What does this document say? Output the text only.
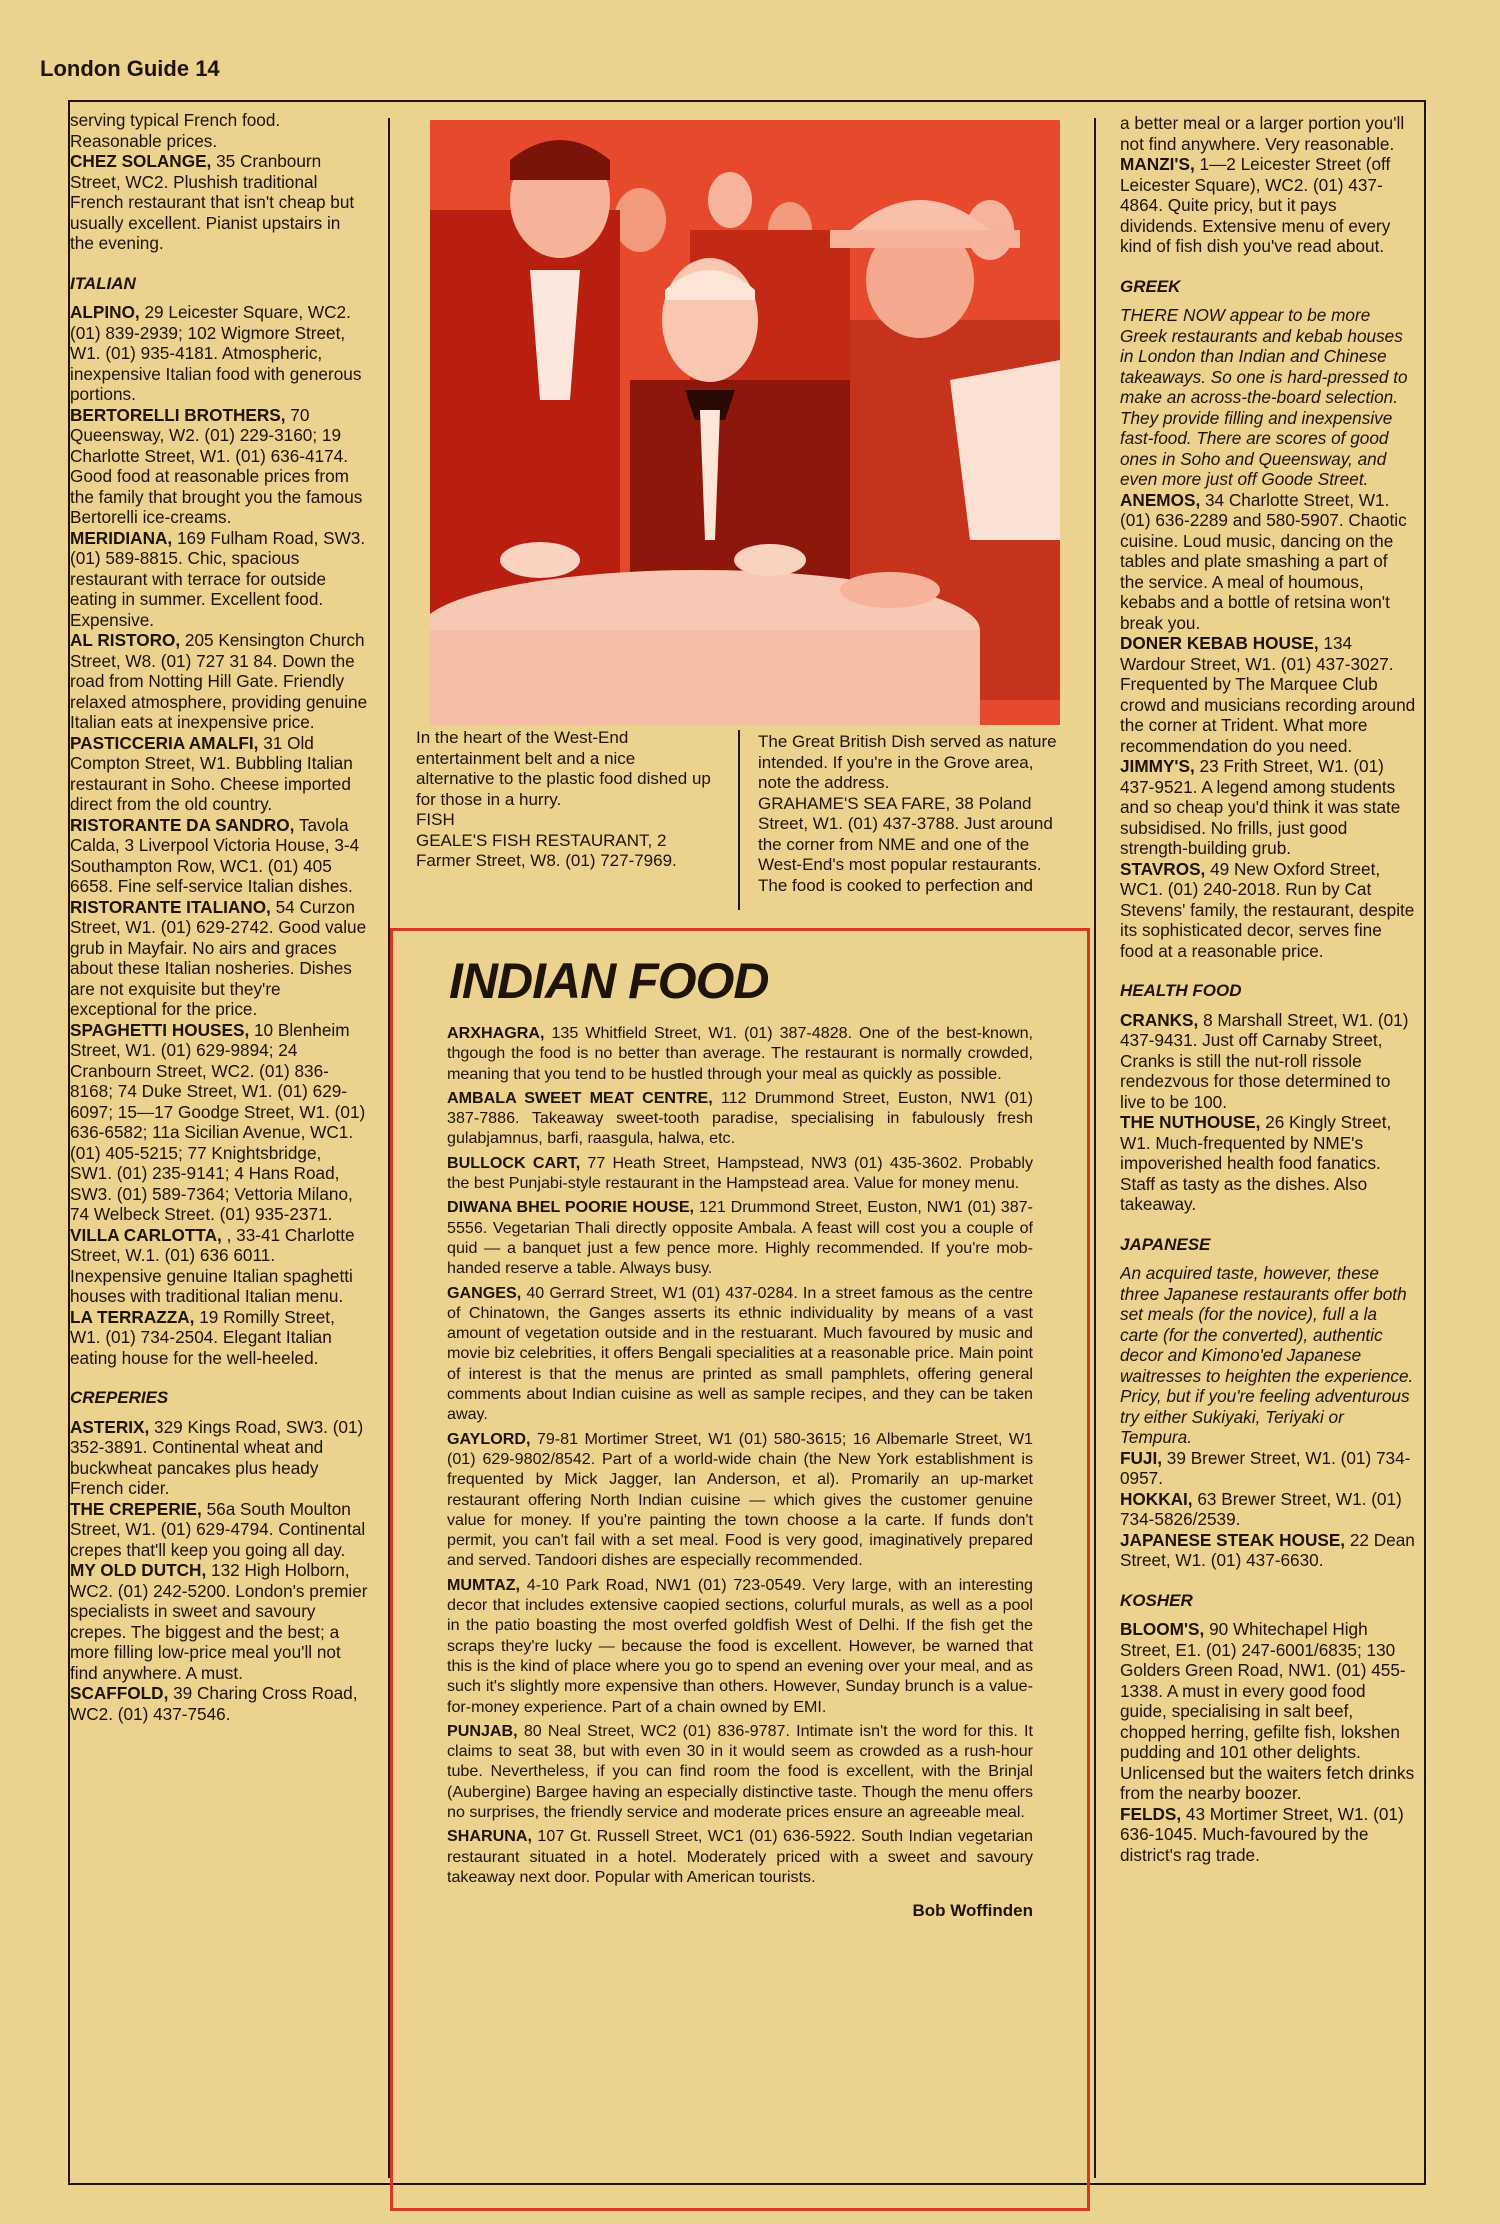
London Guide 14

serving typical French food. Reasonable prices.

CHEZ SOLANGE, 35 Cranbourn Street, WC2. Plushish traditional French restaurant that isn't cheap but usually excellent. Pianist upstairs in the evening.

ITALIAN

ALPINO, 29 Leicester Square, WC2. (01) 839-2939; 102 Wigmore Street, W1. (01) 935-4181. Atmospheric, inexpensive Italian food with generous portions.

BERTORELLI BROTHERS, 70 Queensway, W2. (01) 229-3160; 19 Charlotte Street, W1. (01) 636-4174. Good food at reasonable prices from the family that brought you the famous Bertorelli ice-creams.

MERIDIANA, 169 Fulham Road, SW3. (01) 589-8815. Chic, spacious restaurant with terrace for outside eating in summer. Excellent food. Expensive.

AL RISTORO, 205 Kensington Church Street, W8. (01) 727 31 84. Down the road from Notting Hill Gate. Friendly relaxed atmosphere, providing genuine Italian eats at inexpensive price.

PASTICCERIA AMALFI, 31 Old Compton Street, W1. Bubbling Italian restaurant in Soho. Cheese imported direct from the old country.

RISTORANTE DA SANDRO, Tavola Calda, 3 Liverpool Victoria House, 3-4 Southampton Row, WC1. (01) 405 6658. Fine self-service Italian dishes.

RISTORANTE ITALIANO, 54 Curzon Street, W1. (01) 629-2742. Good value grub in Mayfair. No airs and graces about these Italian nosheries. Dishes are not exquisite but they're exceptional for the price.

SPAGHETTI HOUSES, 10 Blenheim Street, W1. (01) 629-9894; 24 Cranbourn Street, WC2. (01) 836-8168; 74 Duke Street, W1. (01) 629-6097; 15—17 Goodge Street, W1. (01) 636-6582; 11a Sicilian Avenue, WC1. (01) 405-5215; 77 Knightsbridge, SW1. (01) 235-9141; 4 Hans Road, SW3. (01) 589-7364; Vettoria Milano, 74 Welbeck Street. (01) 935-2371.

VILLA CARLOTTA, , 33-41 Charlotte Street, W.1. (01) 636 6011. Inexpensive genuine Italian spaghetti houses with traditional Italian menu.

LA TERRAZZA, 19 Romilly Street, W1. (01) 734-2504. Elegant Italian eating house for the well-heeled.

CREPERIES

ASTERIX, 329 Kings Road, SW3. (01) 352-3891. Continental wheat and buckwheat pancakes plus heady French cider.

THE CREPERIE, 56a South Moulton Street, W1. (01) 629-4794. Continental crepes that'll keep you going all day.

MY OLD DUTCH, 132 High Holborn, WC2. (01) 242-5200. London's premier specialists in sweet and savoury crepes. The biggest and the best; a more filling low-price meal you'll not find anywhere. A must.

SCAFFOLD, 39 Charing Cross Road, WC2. (01) 437-7546.

In the heart of the West-End entertainment belt and a nice alternative to the plastic food dished up for those in a hurry.

FISH

GEALE'S FISH RESTAURANT, 2 Farmer Street, W8. (01) 727-7969.

The Great British Dish served as nature intended. If you're in the Grove area, note the address.

GRAHAME'S SEA FARE, 38 Poland Street, W1. (01) 437-3788. Just around the corner from NME and one of the West-End's most popular restaurants. The food is cooked to perfection and

INDIAN FOOD

ARXHAGRA, 135 Whitfield Street, W1. (01) 387-4828. One of the best-known, thgough the food is no better than average. The restaurant is normally crowded, meaning that you tend to be hustled through your meal as quickly as possible.

AMBALA SWEET MEAT CENTRE, 112 Drummond Street, Euston, NW1 (01) 387-7886. Takeaway sweet-tooth paradise, specialising in fabulously fresh gulabjamnus, barfi, raasgula, halwa, etc.

BULLOCK CART, 77 Heath Street, Hampstead, NW3 (01) 435-3602. Probably the best Punjabi-style restaurant in the Hampstead area. Value for money menu.

DIWANA BHEL POORIE HOUSE, 121 Drummond Street, Euston, NW1 (01) 387-5556. Vegetarian Thali directly opposite Ambala. A feast will cost you a couple of quid — a banquet just a few pence more. Highly recommended. If you're mob-handed reserve a table. Always busy.

GANGES, 40 Gerrard Street, W1 (01) 437-0284. In a street famous as the centre of Chinatown, the Ganges asserts its ethnic individuality by means of a vast amount of vegetation outside and in the restuarant. Much favoured by music and movie biz celebrities, it offers Bengali specialities at a reasonable price. Main point of interest is that the menus are printed as small pamphlets, offering general comments about Indian cuisine as well as sample recipes, and they can be taken away.

GAYLORD, 79-81 Mortimer Street, W1 (01) 580-3615; 16 Albemarle Street, W1 (01) 629-9802/8542. Part of a world-wide chain (the New York establishment is frequented by Mick Jagger, Ian Anderson, et al). Promarily an up-market restaurant offering North Indian cuisine — which gives the customer genuine value for money. If you're painting the town choose a la carte. If funds don't permit, you can't fail with a set meal. Food is very good, imaginatively prepared and served. Tandoori dishes are especially recommended.

MUMTAZ, 4-10 Park Road, NW1 (01) 723-0549. Very large, with an interesting decor that includes extensive caopied sections, colurful murals, as well as a pool in the patio boasting the most overfed goldfish West of Delhi. If the fish get the scraps they're lucky — because the food is excellent. However, be warned that this is the kind of place where you go to spend an evening over your meal, and as such it's slightly more expensive than others. However, Sunday brunch is a value-for-money experience. Part of a chain owned by EMI.

PUNJAB, 80 Neal Street, WC2 (01) 836-9787. Intimate isn't the word for this. It claims to seat 38, but with even 30 in it would seem as crowded as a rush-hour tube. Nevertheless, if you can find room the food is excellent, with the Brinjal (Aubergine) Bargee having an especially distinctive taste. Though the menu offers no surprises, the friendly service and moderate prices ensure an agreeable meal.

SHARUNA, 107 Gt. Russell Street, WC1 (01) 636-5922. South Indian vegetarian restaurant situated in a hotel. Moderately priced with a sweet and savoury takeaway next door. Popular with American tourists.

Bob Woffinden

a better meal or a larger portion you'll not find anywhere. Very reasonable.

MANZI'S, 1—2 Leicester Street (off Leicester Square), WC2. (01) 437-4864. Quite pricy, but it pays dividends. Extensive menu of every kind of fish dish you've read about.

GREEK

THERE NOW appear to be more Greek restaurants and kebab houses in London than Indian and Chinese takeaways. So one is hard-pressed to make an across-the-board selection. They provide filling and inexpensive fast-food. There are scores of good ones in Soho and Queensway, and even more just off Goode Street.

ANEMOS, 34 Charlotte Street, W1. (01) 636-2289 and 580-5907. Chaotic cuisine. Loud music, dancing on the tables and plate smashing a part of the service. A meal of houmous, kebabs and a bottle of retsina won't break you.

DONER KEBAB HOUSE, 134 Wardour Street, W1. (01) 437-3027. Frequented by The Marquee Club crowd and musicians recording around the corner at Trident. What more recommendation do you need.

JIMMY'S, 23 Frith Street, W1. (01) 437-9521. A legend among students and so cheap you'd think it was state subsidised. No frills, just good strength-building grub.

STAVROS, 49 New Oxford Street, WC1. (01) 240-2018. Run by Cat Stevens' family, the restaurant, despite its sophisticated decor, serves fine food at a reasonable price.

HEALTH FOOD

CRANKS, 8 Marshall Street, W1. (01) 437-9431. Just off Carnaby Street, Cranks is still the nut-roll rissole rendezvous for those determined to live to be 100.

THE NUTHOUSE, 26 Kingly Street, W1. Much-frequented by NME's impoverished health food fanatics. Staff as tasty as the dishes. Also takeaway.

JAPANESE

An acquired taste, however, these three Japanese restaurants offer both set meals (for the novice), full a la carte (for the converted), authentic decor and Kimono'ed Japanese waitresses to heighten the experience. Pricy, but if you're feeling adventurous try either Sukiyaki, Teriyaki or Tempura.

FUJI, 39 Brewer Street, W1. (01) 734-0957.

HOKKAI, 63 Brewer Street, W1. (01) 734-5826/2539.

JAPANESE STEAK HOUSE, 22 Dean Street, W1. (01) 437-6630.

KOSHER

BLOOM'S, 90 Whitechapel High Street, E1. (01) 247-6001/6835; 130 Golders Green Road, NW1. (01) 455-1338. A must in every good food guide, specialising in salt beef, chopped herring, gefilte fish, lokshen pudding and 101 other delights. Unlicensed but the waiters fetch drinks from the nearby boozer.

FELDS, 43 Mortimer Street, W1. (01) 636-1045. Much-favoured by the district's rag trade.
